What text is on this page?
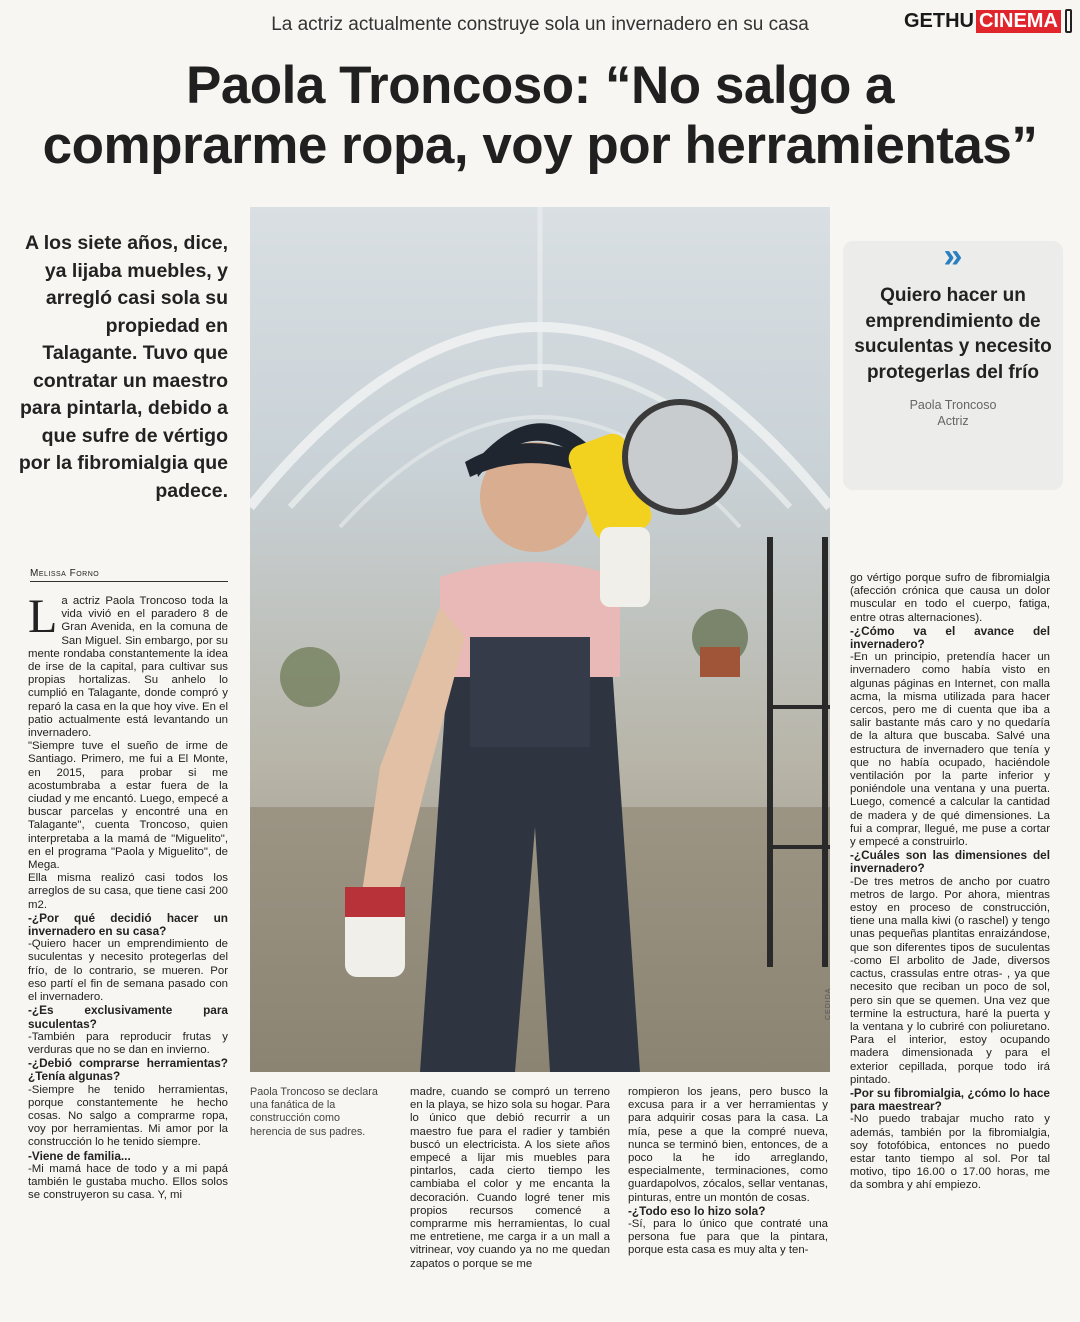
La actriz actualmente construye sola un invernadero en su casa	GETHU CINEMA
Paola Troncoso: “No salgo a
comprarme ropa, voy por herramientas”
A los siete años, dice, ya lijaba muebles, y arregló casi sola su propiedad en Talagante. Tuvo que contratar un maestro para pintarla, debido a que sufre de vértigo por la fibromialgia que padece.
CEDIDA
»
Quiero hacer un emprendimiento de suculentas y necesito protegerlas del frío
Paola Troncoso
Actriz
Melissa Forno
L a actriz Paola Troncoso toda la vida vivió en el paradero 8 de Gran Avenida, en la comuna de San Miguel. Sin embargo, por su mente rondaba constantemente la idea de irse de la capital, para cultivar sus propias hortalizas. Su anhelo lo cumplió en Talagante, donde compró y reparó la casa en la que hoy vive. En el patio actualmente está levantando un invernadero.

"Siempre tuve el sueño de irme de Santiago. Primero, me fui a El Monte, en 2015, para probar si me acostumbraba a estar fuera de la ciudad y me encantó. Luego, empecé a buscar parcelas y encontré una en Talagante", cuenta Troncoso, quien interpretaba a la mamá de "Miguelito", en el programa "Paola y Miguelito", de Mega.

Ella misma realizó casi todos los arreglos de su casa, que tiene casi 200 m2.

-¿Por qué decidió hacer un invernadero en su casa?

-Quiero hacer un emprendimiento de suculentas y necesito protegerlas del frío, de lo contrario, se mueren. Por eso partí el fin de semana pasado con el invernadero.

-¿Es exclusivamente para suculentas?

-También para reproducir frutas y verduras que no se dan en invierno.

-¿Debió comprarse herramientas? ¿Tenía algunas?

-Siempre he tenido herramientas, porque constantemente he hecho cosas. No salgo a comprarme ropa, voy por herramientas. Mi amor por la construcción lo he tenido siempre.

-Viene de familia...

-Mi mamá hace de todo y a mi papá también le gustaba mucho. Ellos solos se construyeron su casa. Y, mi

Paola Troncoso se declara una fanática de la construcción como herencia de sus padres.

madre, cuando se compró un terreno en la playa, se hizo sola su hogar. Para lo único que debió recurrir a un maestro fue para el radier y también buscó un electricista. A los siete años empecé a lijar mis muebles para pintarlos, cada cierto tiempo les cambiaba el color y me encanta la decoración. Cuando logré tener mis propios recursos comencé a comprarme mis herramientas, lo cual me entretiene, me carga ir a un mall a vitrinear, voy cuando ya no me quedan zapatos o porque se me

rompieron los jeans, pero busco la excusa para ir a ver herramientas y para adquirir cosas para la casa. La mía, pese a que la compré nueva, nunca se terminó bien, entonces, de a poco la he ido arreglando, especialmente, terminaciones, como guardapolvos, zócalos, sellar ventanas, pinturas, entre un montón de cosas.

-¿Todo eso lo hizo sola?

-Sí, para lo único que contraté una persona fue para que la pintara, porque esta casa es muy alta y ten-

go vértigo porque sufro de fibromialgia (afección crónica que causa un dolor muscular en todo el cuerpo, fatiga, entre otras alternaciones).

-¿Cómo va el avance del invernadero?

-En un principio, pretendía hacer un invernadero como había visto en algunas páginas en Internet, con malla acma, la misma utilizada para hacer cercos, pero me di cuenta que iba a salir bastante más caro y no quedaría de la altura que buscaba. Salvé una estructura de invernadero que tenía y que no había ocupado, haciéndole ventilación por la parte inferior y poniéndole una ventana y una puerta. Luego, comencé a calcular la cantidad de madera y de qué dimensiones. La fui a comprar, llegué, me puse a cortar y empecé a construirlo.

-¿Cuáles son las dimensiones del invernadero?

-De tres metros de ancho por cuatro metros de largo. Por ahora, mientras estoy en proceso de construcción, tiene una malla kiwi (o raschel) y tengo unas pequeñas plantitas enraizándose, que son diferentes tipos de suculentas -como El arbolito de Jade, diversos cactus, crassulas entre otras- , ya que necesito que reciban un poco de sol, pero sin que se quemen. Una vez que termine la estructura, haré la puerta y la ventana y lo cubriré con poliuretano. Para el interior, estoy ocupando madera dimensionada y para el exterior cepillada, porque todo irá pintado.

-Por su fibromialgia, ¿cómo lo hace para maestrear?

-No puedo trabajar mucho rato y además, también por la fibromialgia, soy fotofóbica, entonces no puedo estar tanto tiempo al sol. Por tal motivo, tipo 16.00 o 17.00 horas, me da sombra y ahí empiezo.
